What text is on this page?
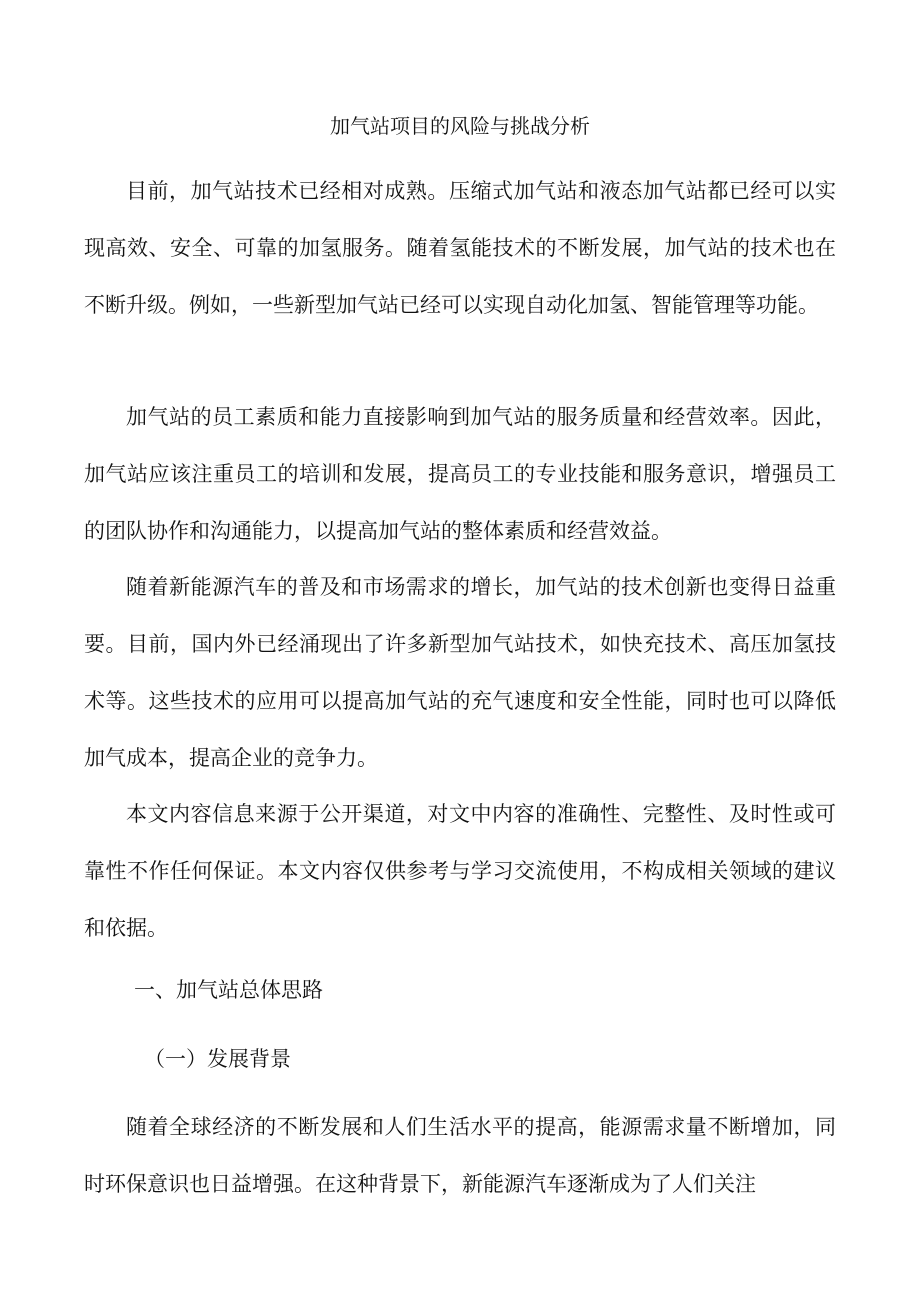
加气站项目的风险与挑战分析

目前，加气站技术已经相对成熟。压缩式加气站和液态加气站都已经可以实现高效、安全、可靠的加氢服务。随着氢能技术的不断发展，加气站的技术也在不断升级。例如，一些新型加气站已经可以实现自动化加氢、智能管理等功能。

加气站的员工素质和能力直接影响到加气站的服务质量和经营效率。因此，加气站应该注重员工的培训和发展，提高员工的专业技能和服务意识，增强员工的团队协作和沟通能力，以提高加气站的整体素质和经营效益。

随着新能源汽车的普及和市场需求的增长，加气站的技术创新也变得日益重要。目前，国内外已经涌现出了许多新型加气站技术，如快充技术、高压加氢技术等。这些技术的应用可以提高加气站的充气速度和安全性能，同时也可以降低加气成本，提高企业的竞争力。

本文内容信息来源于公开渠道，对文中内容的准确性、完整性、及时性或可靠性不作任何保证。本文内容仅供参考与学习交流使用，不构成相关领域的建议和依据。

一、加气站总体思路
（一）发展背景

随着全球经济的不断发展和人们生活水平的提高，能源需求量不断增加，同时环保意识也日益增强。在这种背景下，新能源汽车逐渐成为了人们关注
